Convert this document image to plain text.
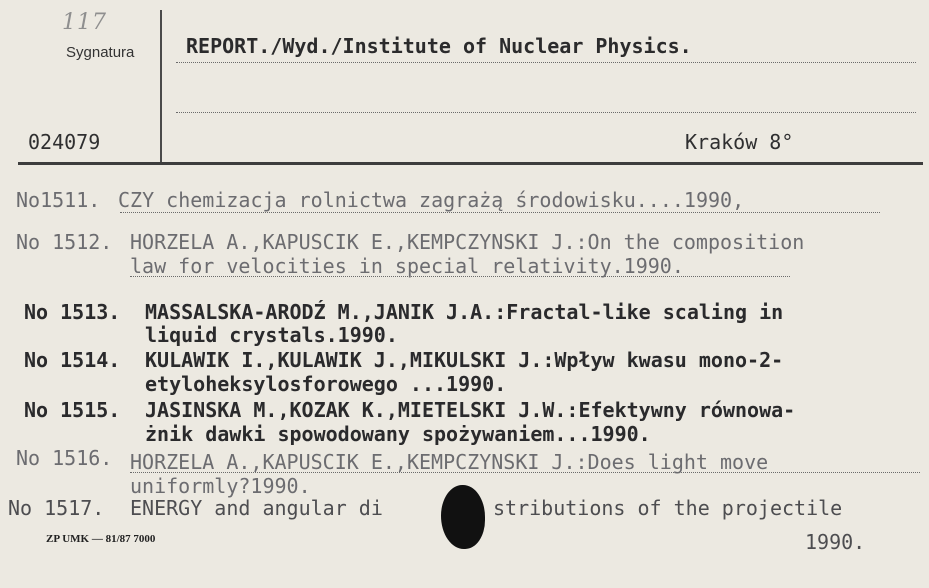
117
Sygnatura	REPORT./Wyd./Institute of Nuclear Physics.
024079	Kraków 8°
No1511. CZY chemizacja rolnictwa zagrażą środowisku....1990,
No 1512. HORZELA A.,KAPUSCIK E.,KEMPCZYNSKI J.:On the composition
law for velocities in special relativity.1990.
No 1513. MASSALSKA-ARODŹ M.,JANIK J.A.:Fractal-like scaling in
liquid crystals.1990.
No 1514. KULAWIK I.,KULAWIK J.,MIKULSKI J.:Wpływ kwasu mono-2-
etyloheksylosforowego ...1990.
No 1515. JASINSKA M.,KOZAK K.,MIETELSKI J.W.:Efektywny równowa-
żnik dawki spowodowany spożywaniem...1990.
No 1516. HORZELA A.,KAPUSCIK E.,KEMPCZYNSKI J.:Does light move
uniformly?1990.
No 1517. ENERGY and angular di	stributions of the projectile
1990.
ZP UMK — 81/87 7000
